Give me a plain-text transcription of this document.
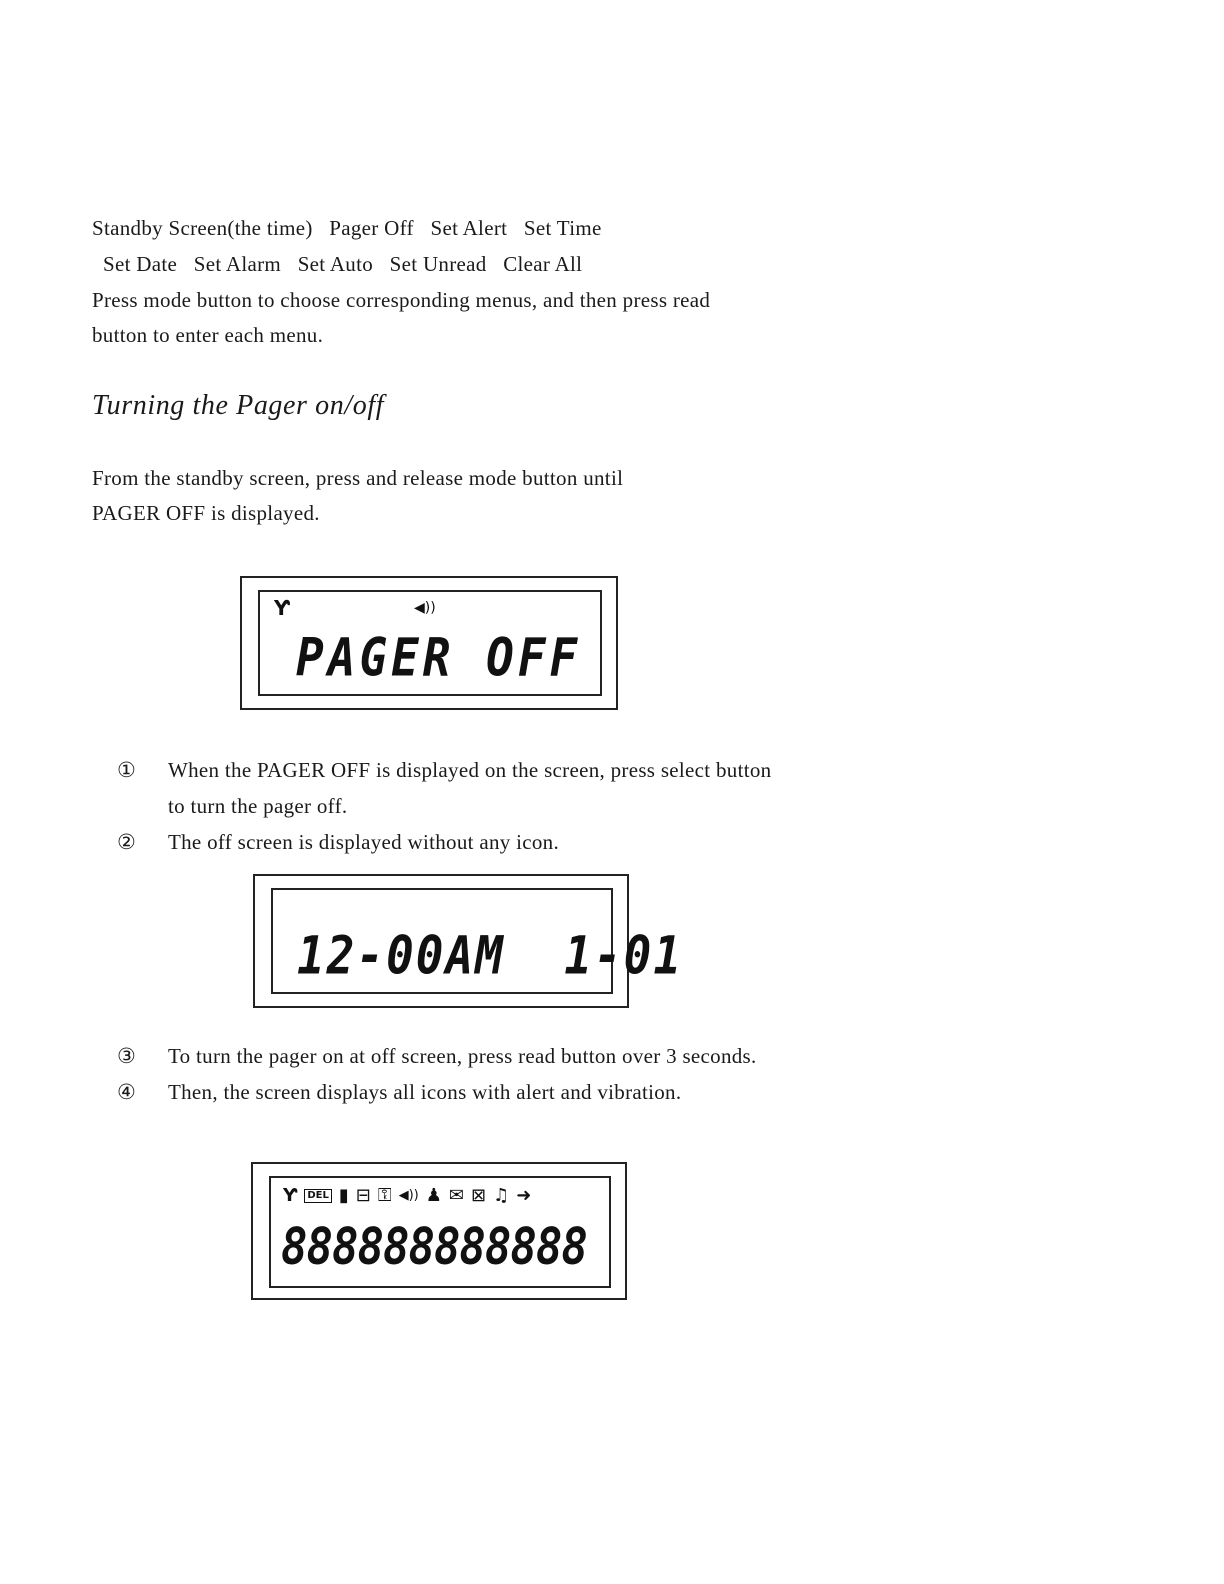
Standby Screen(the time)   Pager Off   Set Alert   Set Time
Set Date   Set Alarm   Set Auto   Set Unread   Clear All
Press mode button to choose corresponding menus, and then press read
button to enter each menu.
Turning the Pager on/off
From the standby screen, press and release mode button until
PAGER OFF is displayed.
Ƴ	◀))
PAGER OFF
① When the PAGER OFF is displayed on the screen, press select button
to turn the pager off.
② The off screen is displayed without any icon.
12-00AM  1-01
③ To turn the pager on at off screen, press read button over 3 seconds.
④ Then, the screen displays all icons with alert and vibration.
Ƴ	DEL ▮ ⊟ ⚿ ◀)) ♟ ✉ ⊠ ♫ ➜
888888888888
